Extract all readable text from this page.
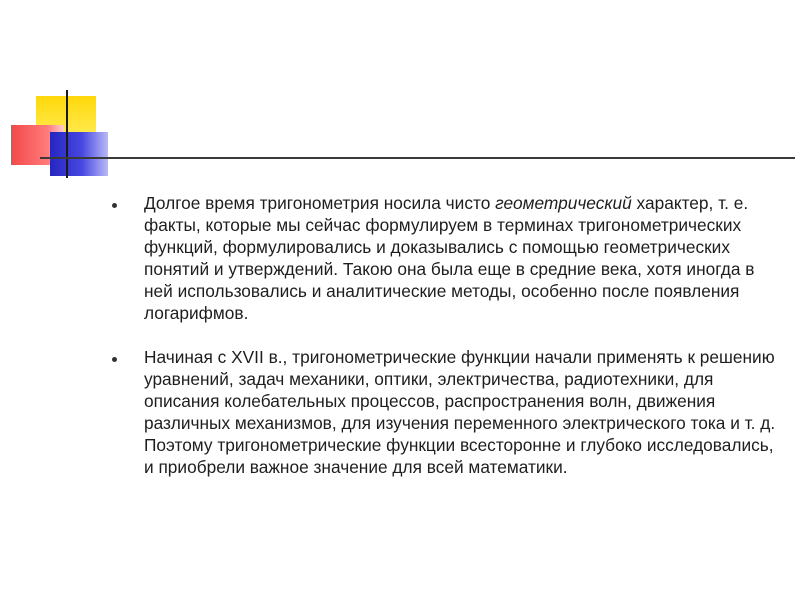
Долгое время тригонометрия носила чисто геометрический характер, т. е. факты, которые мы сейчас формулируем в терминах тригонометрических функций, формулировались и доказывались с помощью геометрических понятий и утверждений. Такою она была еще в средние века, хотя иногда в ней использовались и аналитические методы, особенно после появления логарифмов.
Начиная с XVII в., тригонометрические функции начали применять к решению уравнений, задач механики, оптики, электричества, радиотехники, для описания колебательных процессов, распространения волн, движения различных механизмов, для изучения переменного электрического тока и т. д. Поэтому тригонометрические функции всесторонне и глубоко исследовались, и приобрели важное значение для всей математики.
